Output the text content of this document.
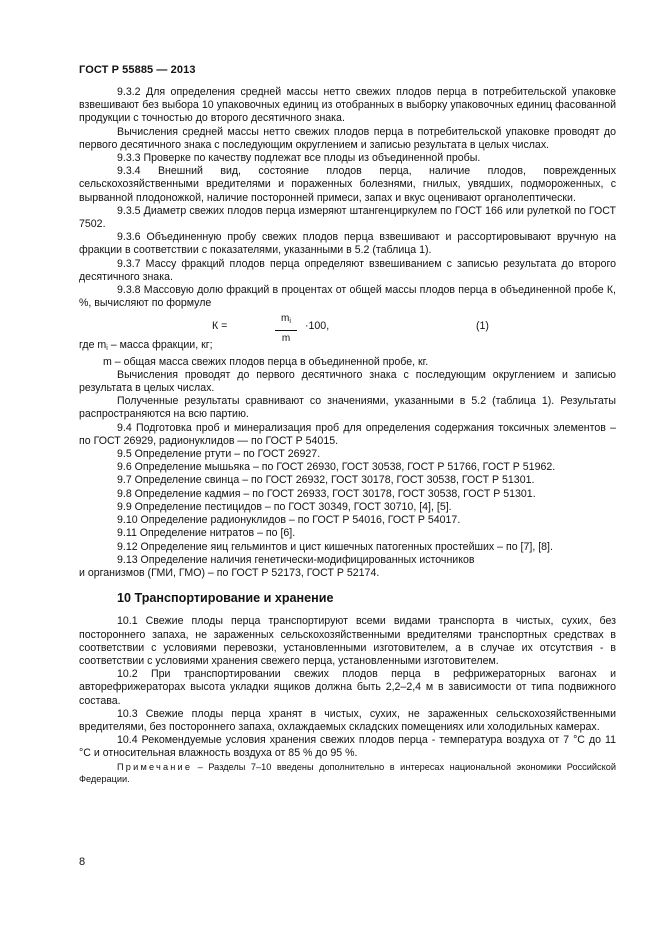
ГОСТ Р 55885 — 2013

9.3.2 Для определения средней массы нетто свежих плодов перца в потребительской упаковке взвешивают без выбора 10 упаковочных единиц из отобранных в выборку упаковочных единиц фасованной продукции с точностью до второго десятичного знака.

Вычисления средней массы нетто свежих плодов перца в потребительской упаковке проводят до первого десятичного знака с последующим округлением и записью результата в целых числах.

9.3.3 Проверке по качеству подлежат все плоды из объединенной пробы.

9.3.4 Внешний вид, состояние плодов перца, наличие плодов, поврежденных сельскохозяйственными вредителями и пораженных болезнями, гнилых, увядших, подмороженных, с вырванной плодоножкой, наличие посторонней примеси, запах и вкус оценивают органолептически.

9.3.5 Диаметр свежих плодов перца измеряют штангенциркулем по ГОСТ 166 или рулеткой по ГОСТ 7502.

9.3.6 Объединенную пробу свежих плодов перца взвешивают и рассортировывают вручную на фракции в соответствии с показателями, указанными в 5.2 (таблица 1).

9.3.7 Массу фракций плодов перца определяют взвешиванием с записью результата до второго десятичного знака.

9.3.8 Массовую долю фракций в процентах от общей массы плодов перца в объединенной пробе К, %, вычисляют по формуле

К =	$\frac{m_i}{m} \cdot 100$,	(1)

где $m_i$ – масса фракции, кг;

m – общая масса свежих плодов перца в объединенной пробе, кг.

Вычисления проводят до первого десятичного знака с последующим округлением и записью результата в целых числах.

Полученные результаты сравнивают со значениями, указанными в 5.2 (таблица 1). Результаты распространяются на всю партию.

9.4 Подготовка проб и минерализация проб для определения содержания токсичных элементов – по ГОСТ 26929, радионуклидов — по ГОСТ Р 54015.

9.5 Определение ртути – по ГОСТ 26927.

9.6 Определение мышьяка – по ГОСТ 26930, ГОСТ 30538, ГОСТ Р 51766, ГОСТ Р 51962.

9.7 Определение свинца – по ГОСТ 26932, ГОСТ 30178, ГОСТ 30538, ГОСТ Р 51301.

9.8 Определение кадмия – по ГОСТ 26933, ГОСТ 30178, ГОСТ 30538, ГОСТ Р 51301.

9.9 Определение пестицидов – по ГОСТ 30349, ГОСТ 30710, [4], [5].

9.10 Определение радионуклидов – по ГОСТ Р 54016, ГОСТ Р 54017.

9.11 Определение нитратов – по [6].

9.12 Определение яиц гельминтов и цист кишечных патогенных простейших – по [7], [8].

9.13 Определение наличия генетически-модифицированных источников

и организмов (ГМИ, ГМО) – по ГОСТ Р 52173, ГОСТ Р 52174.

10 Транспортирование и хранение

10.1 Свежие плоды перца транспортируют всеми видами транспорта в чистых, сухих, без постороннего запаха, не зараженных сельскохозяйственными вредителями транспортных средствах в соответствии с условиями перевозки, установленными изготовителем, а в случае их отсутствия - в соответствии с условиями хранения свежего перца, установленными изготовителем.

10.2 При транспортировании свежих плодов перца в рефрижераторных вагонах и авторефрижераторах высота укладки ящиков должна быть 2,2–2,4 м в зависимости от типа подвижного состава.

10.3 Свежие плоды перца хранят в чистых, сухих, не зараженных сельскохозяйственными вредителями, без постороннего запаха, охлаждаемых складских помещениях или холодильных камерах.

10.4 Рекомендуемые условия хранения свежих плодов перца - температура воздуха от 7 °С до 11 °С и относительная влажность воздуха от 85 % до 95 %.

Примечание – Разделы 7–10 введены дополнительно в интересах национальной экономики Российской Федерации.

8
